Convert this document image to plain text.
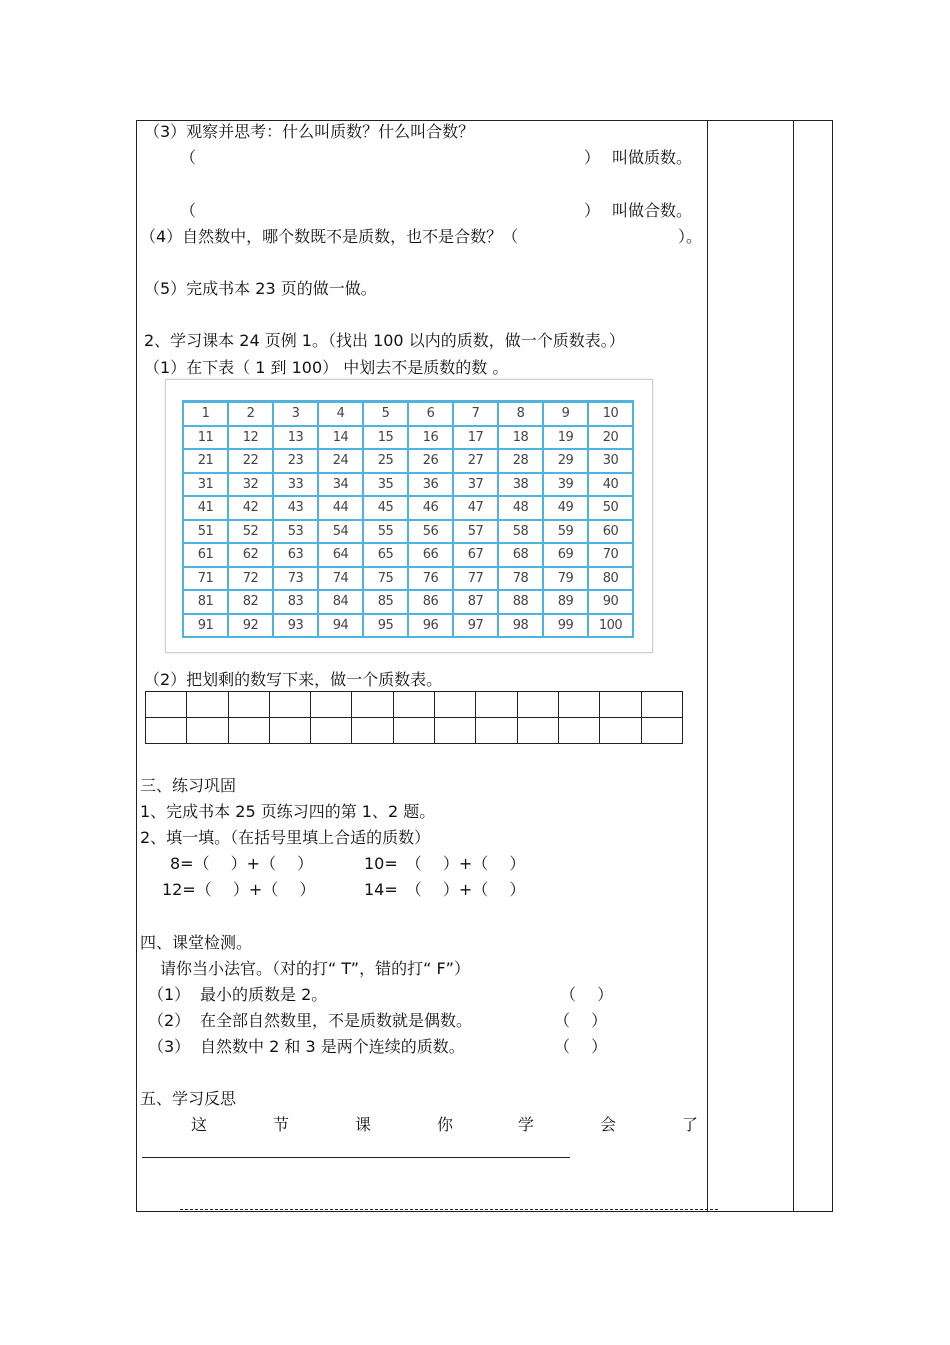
（3）观察并思考：什么叫质数？什么叫合数？
（	） 叫做质数。
（	） 叫做合数。
（4）自然数中，哪个数既不是质数，也不是合数？（	）。
（5）完成书本 23 页的做一做。
2、学习课本 24 页例 1。（找出 100 以内的质数，做一个质数表。）
（1）在下表（ 1 到 100） 中划去不是质数的数 。
1	2	3	4	5	6	7	8	9	10
11	12	13	14	15	16	17	18	19	20
21	22	23	24	25	26	27	28	29	30
31	32	33	34	35	36	37	38	39	40
41	42	43	44	45	46	47	48	49	50
51	52	53	54	55	56	57	58	59	60
61	62	63	64	65	66	67	68	69	70
71	72	73	74	75	76	77	78	79	80
81	82	83	84	85	86	87	88	89	90
91	92	93	94	95	96	97	98	99	100
（2）把划剩的数写下来，做一个质数表。

三、练习巩固
1、完成书本 25 页练习四的第 1、2 题。
2、填一填。（在括号里填上合适的质数）
8=（　 ）+（　 ）	10=　（　 ）+（　 ）
12=（　 ）+（　 ）	14=　（　 ）+（　 ）
四、课堂检测。
请你当小法官。（对的打“ T”，错的打“ F”）
（1） 最小的质数是 2。	（　 ）
（2） 在全部自然数里，不是质数就是偶数。	（　 ）
（3） 自然数中 2 和 3 是两个连续的质数。	（　 ）
五、学习反思
这	节	课	你	学	会	了
